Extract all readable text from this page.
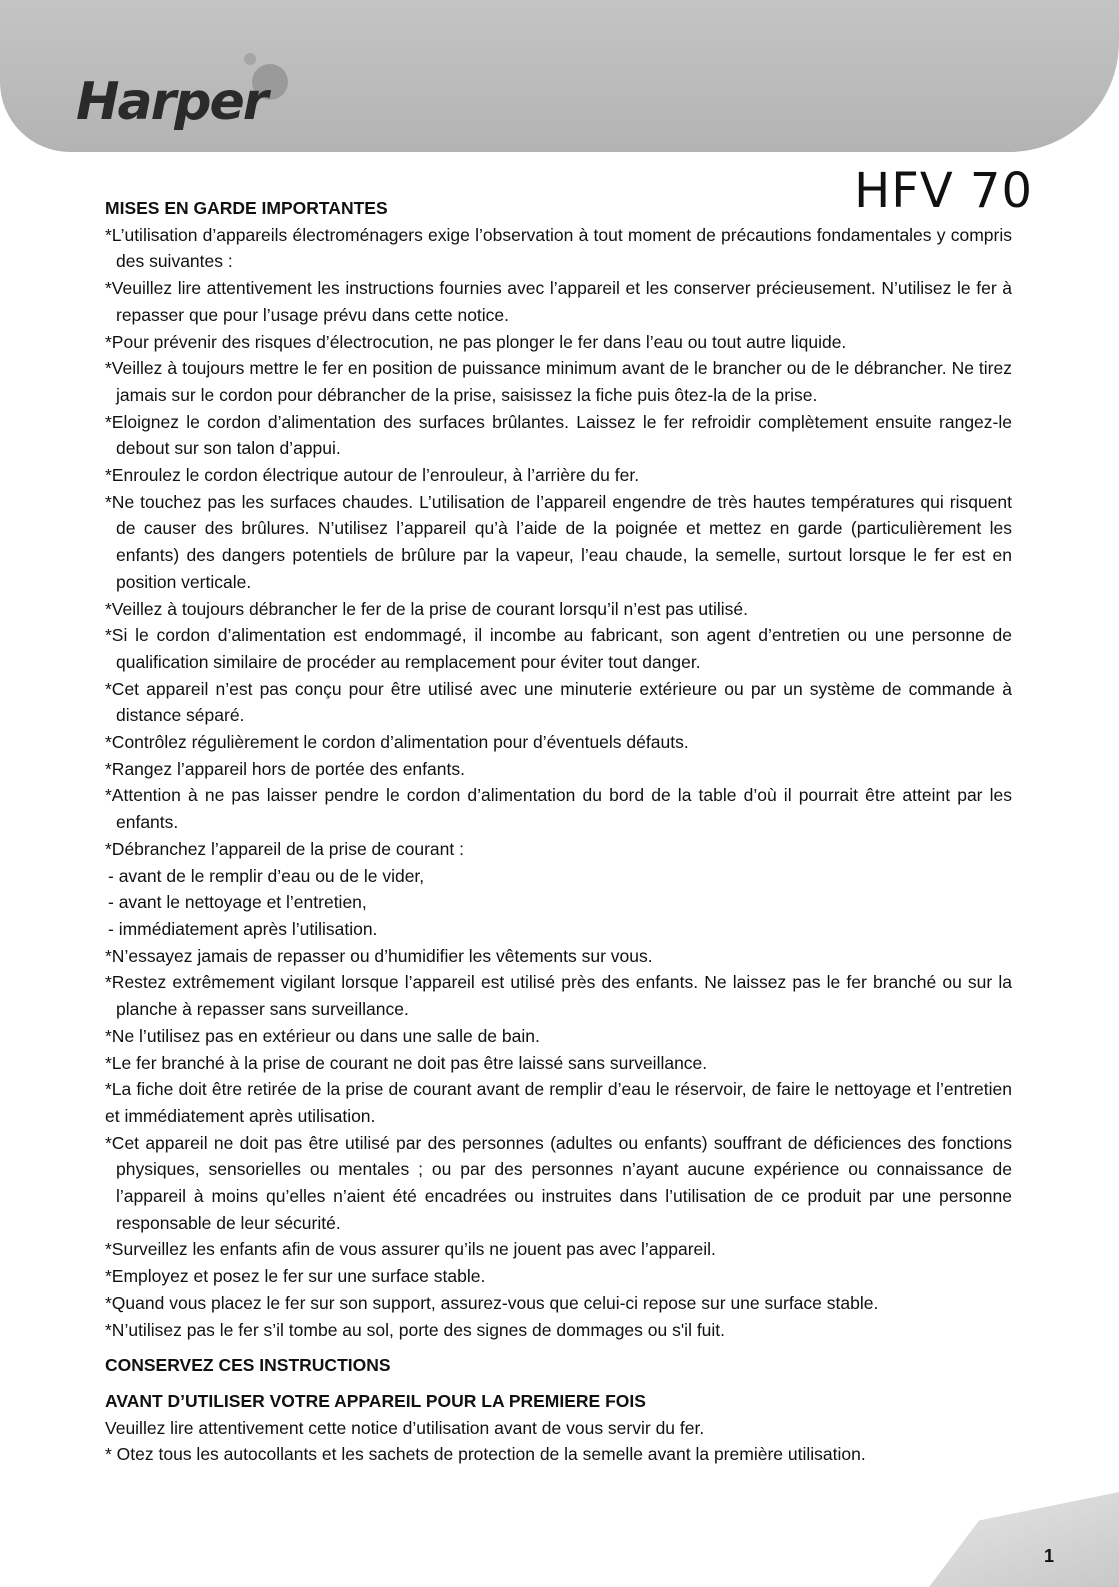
Harper
HFV 70
MISES EN GARDE IMPORTANTES
*L’utilisation d’appareils électroménagers exige l’observation à tout moment de précautions fondamentales y compris des suivantes :
*Veuillez lire attentivement les instructions fournies avec l’appareil et les conserver précieusement. N’utilisez le fer à repasser que pour l’usage prévu dans cette notice.
*Pour prévenir des risques d’électrocution, ne pas plonger le fer dans l’eau ou tout autre liquide.
*Veillez à toujours mettre le fer en position de puissance minimum avant de le brancher ou de le débrancher. Ne tirez jamais sur le cordon pour débrancher de la prise, saisissez la fiche puis ôtez-la de la prise.
*Eloignez le cordon d’alimentation des surfaces brûlantes. Laissez le fer refroidir complètement ensuite rangez-le debout sur son talon d’appui.
*Enroulez le cordon électrique autour de l’enrouleur, à l’arrière du fer.
*Ne touchez pas les surfaces chaudes. L’utilisation de l’appareil engendre de très hautes températures qui risquent de causer des brûlures. N’utilisez l’appareil qu’à l’aide de la poignée et mettez en garde (particulièrement les enfants) des dangers potentiels de brûlure par la vapeur, l’eau chaude, la semelle, surtout lorsque le fer est en position verticale.
*Veillez à toujours débrancher le fer de la prise de courant lorsqu’il n’est pas utilisé.
*Si le cordon d’alimentation est endommagé, il incombe au fabricant, son agent d’entretien ou une personne de qualification similaire de procéder au remplacement pour éviter tout danger.
*Cet appareil n’est pas conçu pour être utilisé avec une minuterie extérieure ou par un système de commande à distance séparé.
*Contrôlez régulièrement le cordon d’alimentation pour d’éventuels défauts.
*Rangez l’appareil hors de portée des enfants.
*Attention à ne pas laisser pendre le cordon d’alimentation du bord de la table d’où il pourrait être atteint par les enfants.
*Débranchez l’appareil de la prise de courant :
- avant de le remplir d’eau ou de le vider,
- avant le nettoyage et l’entretien,
- immédiatement après l’utilisation.
*N’essayez jamais de repasser ou d’humidifier les vêtements sur vous.
*Restez extrêmement vigilant lorsque l’appareil est utilisé près des enfants. Ne laissez pas le fer branché ou sur la planche à repasser sans surveillance.
*Ne l’utilisez pas en extérieur ou dans une salle de bain.
*Le fer branché à la prise de courant ne doit pas être laissé sans surveillance.
*La fiche doit être retirée de la prise de courant avant de remplir d’eau le réservoir, de faire le nettoyage et l’entretien et immédiatement après utilisation.
*Cet appareil ne doit pas être utilisé par des personnes (adultes ou enfants) souffrant de déficiences des fonctions physiques, sensorielles ou mentales ; ou par des personnes n’ayant aucune expérience ou connaissance de l’appareil à moins qu’elles n’aient été encadrées ou instruites dans l’utilisation de ce produit par une personne responsable de leur sécurité.
*Surveillez les enfants afin de vous assurer qu’ils ne jouent pas avec l’appareil.
*Employez et posez le fer sur une surface stable.
*Quand vous placez le fer sur son support, assurez-vous que celui-ci repose sur une surface stable.
*N’utilisez pas le fer s’il tombe au sol, porte des signes de dommages ou s'il fuit.
CONSERVEZ CES INSTRUCTIONS
AVANT D’UTILISER VOTRE APPAREIL POUR LA PREMIERE FOIS

Veuillez lire attentivement cette notice d’utilisation avant de vous servir du fer.

* Otez tous les autocollants et les sachets de protection de la semelle avant la première utilisation.

1
